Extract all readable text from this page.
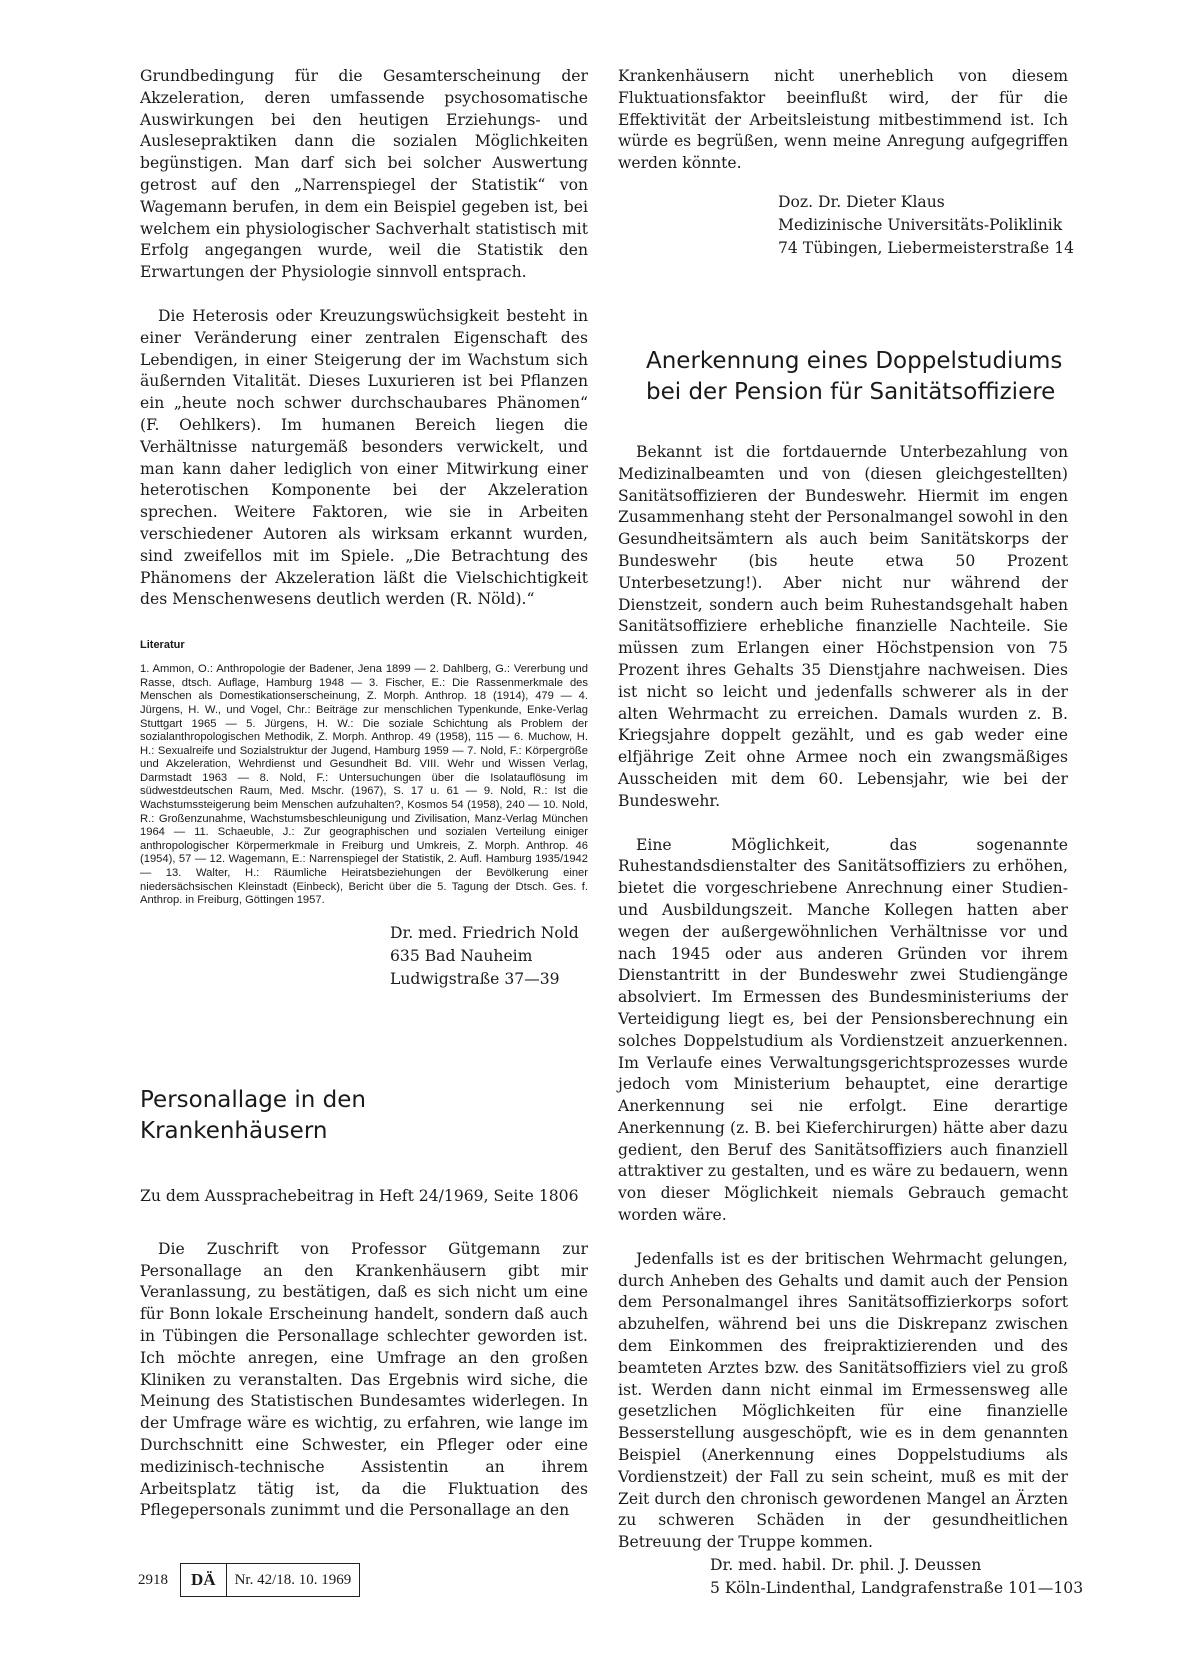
Grundbedingung für die Gesamterscheinung der Akzeleration, deren umfassende psychosomatische Auswirkungen bei den heutigen Erziehungs- und Auslesepraktiken dann die sozialen Möglichkeiten begünstigen. Man darf sich bei solcher Auswertung getrost auf den „Narrenspiegel der Statistik“ von Wagemann berufen, in dem ein Beispiel gegeben ist, bei welchem ein physiologischer Sachverhalt statistisch mit Erfolg angegangen wurde, weil die Statistik den Erwartungen der Physiologie sinnvoll entsprach.

Die Heterosis oder Kreuzungswüchsigkeit besteht in einer Veränderung einer zentralen Eigenschaft des Lebendigen, in einer Steigerung der im Wachstum sich äußernden Vitalität. Dieses Luxurieren ist bei Pflanzen ein „heute noch schwer durchschaubares Phänomen“ (F. Oehlkers). Im humanen Bereich liegen die Verhältnisse naturgemäß besonders verwickelt, und man kann daher lediglich von einer Mitwirkung einer heterotischen Komponente bei der Akzeleration sprechen. Weitere Faktoren, wie sie in Arbeiten verschiedener Autoren als wirksam erkannt wurden, sind zweifellos mit im Spiele. „Die Betrachtung des Phänomens der Akzeleration läßt die Vielschichtigkeit des Menschenwesens deutlich werden (R. Nöld).“

Literatur

1. Ammon, O.: Anthropologie der Badener, Jena 1899 — 2. Dahlberg, G.: Vererbung und Rasse, dtsch. Auflage, Hamburg 1948 — 3. Fischer, E.: Die Rassenmerkmale des Menschen als Domestikationserscheinung, Z. Morph. Anthrop. 18 (1914), 479 — 4. Jürgens, H. W., und Vogel, Chr.: Beiträge zur menschlichen Typenkunde, Enke-Verlag Stuttgart 1965 — 5. Jürgens, H. W.: Die soziale Schichtung als Problem der sozialanthropologischen Methodik, Z. Morph. Anthrop. 49 (1958), 115 — 6. Muchow, H. H.: Sexualreife und Sozialstruktur der Jugend, Hamburg 1959 — 7. Nold, F.: Körpergröße und Akzeleration, Wehrdienst und Gesundheit Bd. VIII. Wehr und Wissen Verlag, Darmstadt 1963 — 8. Nold, F.: Untersuchungen über die Isolatauflösung im südwestdeutschen Raum, Med. Mschr. (1967), S. 17 u. 61 — 9. Nold, R.: Ist die Wachstumssteigerung beim Menschen aufzuhalten?, Kosmos 54 (1958), 240 — 10. Nold, R.: Großenzunahme, Wachstumsbeschleunigung und Zivilisation, Manz-Verlag München 1964 — 11. Schaeuble, J.: Zur geographischen und sozialen Verteilung einiger anthropologischer Körpermerkmale in Freiburg und Umkreis, Z. Morph. Anthrop. 46 (1954), 57 — 12. Wagemann, E.: Narrenspiegel der Statistik, 2. Aufl. Hamburg 1935/1942 — 13. Walter, H.: Räumliche Heiratsbeziehungen der Bevölkerung einer niedersächsischen Kleinstadt (Einbeck), Bericht über die 5. Tagung der Dtsch. Ges. f. Anthrop. in Freiburg, Göttingen 1957.

Dr. med. Friedrich Nold
635 Bad Nauheim
Ludwigstraße 37—39
Personallage in den
Krankenhäusern

Zu dem Aussprachebeitrag in Heft 24/1969, Seite 1806

Die Zuschrift von Professor Gütgemann zur Personallage an den Krankenhäusern gibt mir Veranlassung, zu bestätigen, daß es sich nicht um eine für Bonn lokale Erscheinung handelt, sondern daß auch in Tübingen die Personallage schlechter geworden ist. Ich möchte anregen, eine Umfrage an den großen Kliniken zu veranstalten. Das Ergebnis wird siche, die Meinung des Statistischen Bundesamtes widerlegen. In der Umfrage wäre es wichtig, zu erfahren, wie lange im Durchschnitt eine Schwester, ein Pfleger oder eine medizinisch-technische Assistentin an ihrem Arbeitsplatz tätig ist, da die Fluktuation des Pflegepersonals zunimmt und die Personallage an den

Krankenhäusern nicht unerheblich von diesem Fluktuationsfaktor beeinflußt wird, der für die Effektivität der Arbeitsleistung mitbestimmend ist. Ich würde es begrüßen, wenn meine Anregung aufgegriffen werden könnte.

Doz. Dr. Dieter Klaus
Medizinische Universitäts-Poliklinik
74 Tübingen, Liebermeisterstraße 14
Anerkennung eines Doppelstudiums
bei der Pension für Sanitätsoffiziere

Bekannt ist die fortdauernde Unterbezahlung von Medizinalbeamten und von (diesen gleichgestellten) Sanitätsoffizieren der Bundeswehr. Hiermit im engen Zusammenhang steht der Personalmangel sowohl in den Gesundheitsämtern als auch beim Sanitätskorps der Bundeswehr (bis heute etwa 50 Prozent Unterbesetzung!). Aber nicht nur während der Dienstzeit, sondern auch beim Ruhestandsgehalt haben Sanitätsoffiziere erhebliche finanzielle Nachteile. Sie müssen zum Erlangen einer Höchstpension von 75 Prozent ihres Gehalts 35 Dienstjahre nachweisen. Dies ist nicht so leicht und jedenfalls schwerer als in der alten Wehrmacht zu erreichen. Damals wurden z. B. Kriegsjahre doppelt gezählt, und es gab weder eine elfjährige Zeit ohne Armee noch ein zwangsmäßiges Ausscheiden mit dem 60. Lebensjahr, wie bei der Bundeswehr.

Eine Möglichkeit, das sogenannte Ruhestandsdienstalter des Sanitätsoffiziers zu erhöhen, bietet die vorgeschriebene Anrechnung einer Studien- und Ausbildungszeit. Manche Kollegen hatten aber wegen der außergewöhnlichen Verhältnisse vor und nach 1945 oder aus anderen Gründen vor ihrem Dienstantritt in der Bundeswehr zwei Studiengänge absolviert. Im Ermessen des Bundesministeriums der Verteidigung liegt es, bei der Pensionsberechnung ein solches Doppelstudium als Vordienstzeit anzuerkennen. Im Verlaufe eines Verwaltungsgerichtsprozesses wurde jedoch vom Ministerium behauptet, eine derartige Anerkennung sei nie erfolgt. Eine derartige Anerkennung (z. B. bei Kieferchirurgen) hätte aber dazu gedient, den Beruf des Sanitätsoffiziers auch finanziell attraktiver zu gestalten, und es wäre zu bedauern, wenn von dieser Möglichkeit niemals Gebrauch gemacht worden wäre.

Jedenfalls ist es der britischen Wehrmacht gelungen, durch Anheben des Gehalts und damit auch der Pension dem Personalmangel ihres Sanitätsoffizierkorps sofort abzuhelfen, während bei uns die Diskrepanz zwischen dem Einkommen des freipraktizierenden und des beamteten Arztes bzw. des Sanitätsoffiziers viel zu groß ist. Werden dann nicht einmal im Ermessensweg alle gesetzlichen Möglichkeiten für eine finanzielle Besserstellung ausgeschöpft, wie es in dem genannten Beispiel (Anerkennung eines Doppelstudiums als Vordienstzeit) der Fall zu sein scheint, muß es mit der Zeit durch den chronisch gewordenen Mangel an Ärzten zu schweren Schäden in der gesundheitlichen Betreuung der Truppe kommen.

Dr. med. habil. Dr. phil. J. Deussen
5 Köln-Lindenthal, Landgrafenstraße 101—103
2918	DÄ	Nr. 42/18. 10. 1969
